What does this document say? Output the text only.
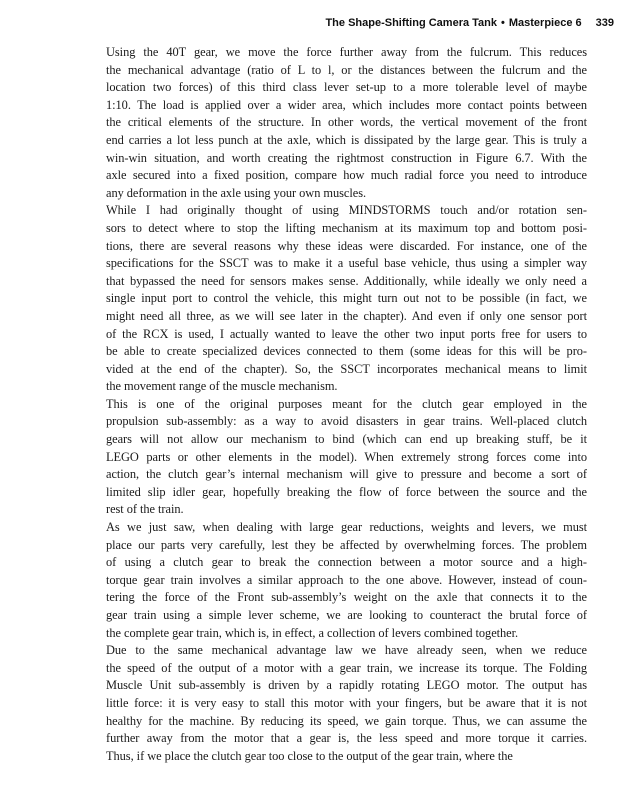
The Shape-Shifting Camera Tank • Masterpiece 6 339

Using the 40T gear, we move the force further away from the fulcrum. This reduces
the mechanical advantage (ratio of L to l, or the distances between the fulcrum and the
location two forces) of this third class lever set-up to a more tolerable level of maybe
1:10. The load is applied over a wider area, which includes more contact points between
the critical elements of the structure. In other words, the vertical movement of the front
end carries a lot less punch at the axle, which is dissipated by the large gear. This is truly a
win-win situation, and worth creating the rightmost construction in Figure 6.7. With the
axle secured into a fixed position, compare how much radial force you need to introduce
any deformation in the axle using your own muscles.

While I had originally thought of using MINDSTORMS touch and/or rotation sen-
sors to detect where to stop the lifting mechanism at its maximum top and bottom posi-
tions, there are several reasons why these ideas were discarded. For instance, one of the
specifications for the SSCT was to make it a useful base vehicle, thus using a simpler way
that bypassed the need for sensors makes sense. Additionally, while ideally we only need a
single input port to control the vehicle, this might turn out not to be possible (in fact, we
might need all three, as we will see later in the chapter). And even if only one sensor port
of the RCX is used, I actually wanted to leave the other two input ports free for users to
be able to create specialized devices connected to them (some ideas for this will be pro-
vided at the end of the chapter). So, the SSCT incorporates mechanical means to limit
the movement range of the muscle mechanism.

This is one of the original purposes meant for the clutch gear employed in the
propulsion sub-assembly: as a way to avoid disasters in gear trains. Well-placed clutch
gears will not allow our mechanism to bind (which can end up breaking stuff, be it
LEGO parts or other elements in the model). When extremely strong forces come into
action, the clutch gear’s internal mechanism will give to pressure and become a sort of
limited slip idler gear, hopefully breaking the flow of force between the source and the
rest of the train.

As we just saw, when dealing with large gear reductions, weights and levers, we must
place our parts very carefully, lest they be affected by overwhelming forces. The problem
of using a clutch gear to break the connection between a motor source and a high-
torque gear train involves a similar approach to the one above. However, instead of coun-
tering the force of the Front sub-assembly’s weight on the axle that connects it to the
gear train using a simple lever scheme, we are looking to counteract the brutal force of
the complete gear train, which is, in effect, a collection of levers combined together.

Due to the same mechanical advantage law we have already seen, when we reduce
the speed of the output of a motor with a gear train, we increase its torque. The Folding
Muscle Unit sub-assembly is driven by a rapidly rotating LEGO motor. The output has
little force: it is very easy to stall this motor with your fingers, but be aware that it is not
healthy for the machine. By reducing its speed, we gain torque. Thus, we can assume the
further away from the motor that a gear is, the less speed and more torque it carries.
Thus, if we place the clutch gear too close to the output of the gear train, where the
